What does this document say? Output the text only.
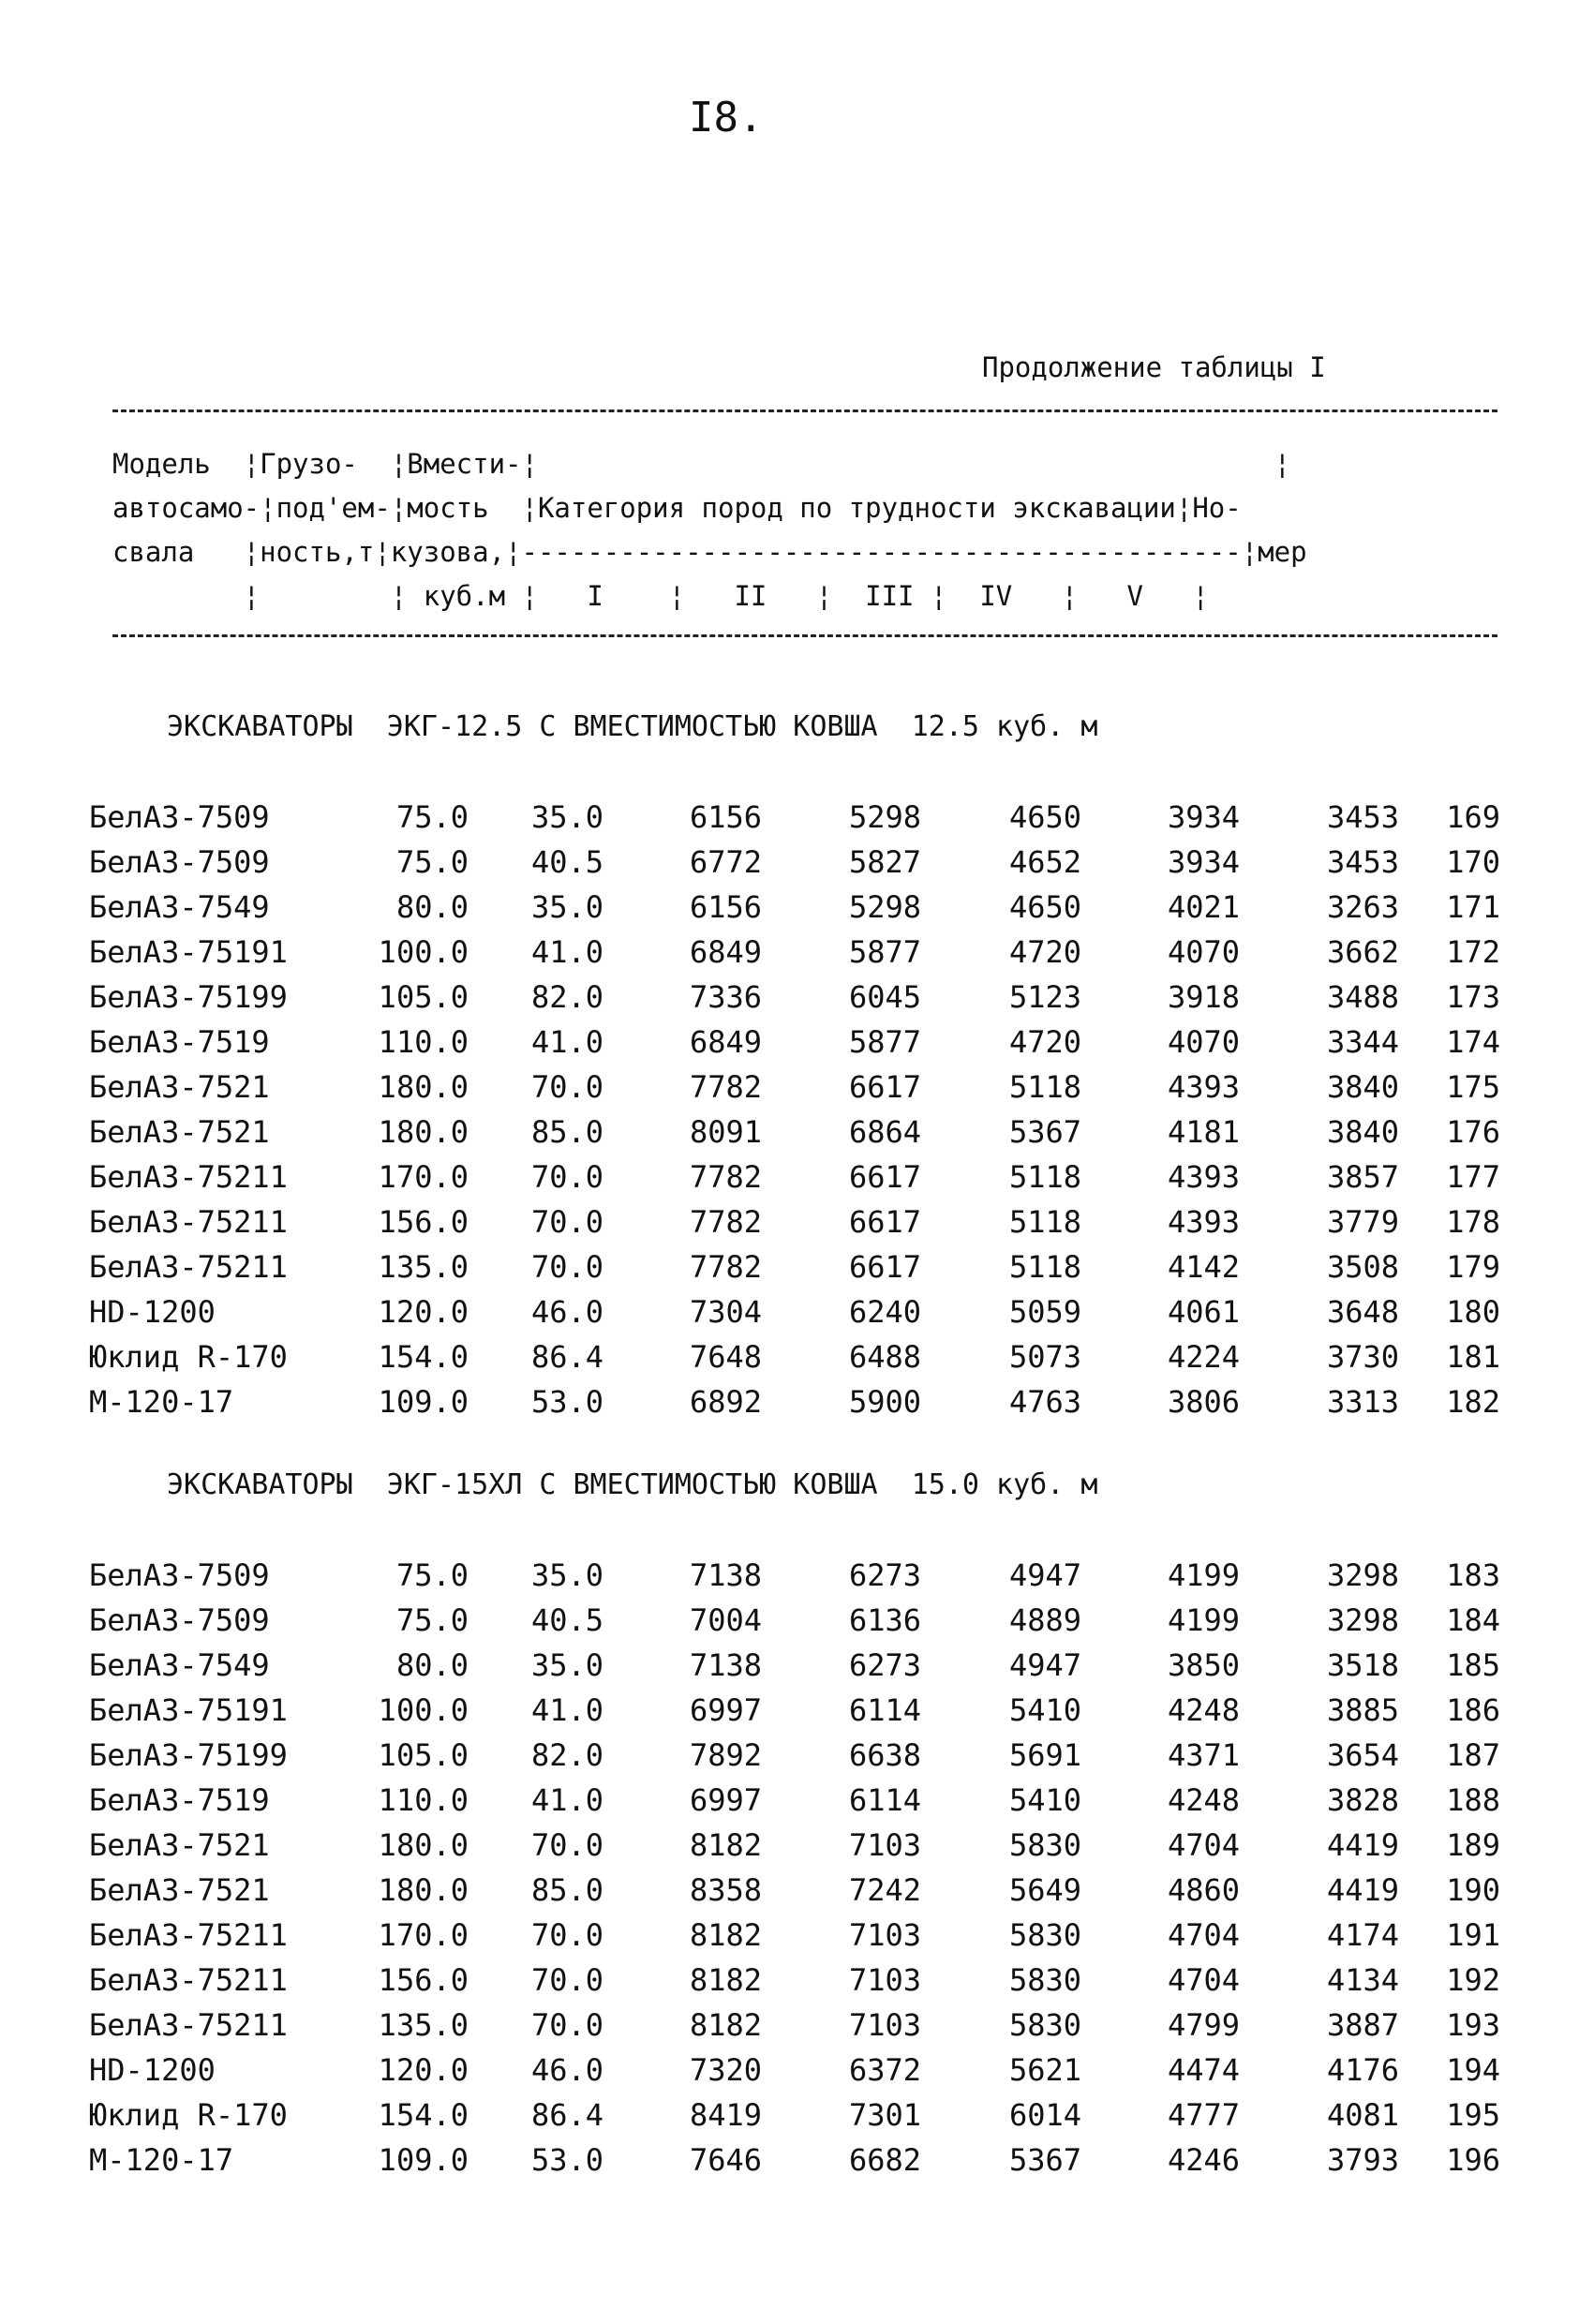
I8.
Продолжение таблицы I
Модель  ¦Грузо-  ¦Вмести-¦                                             ¦
автосамо-¦под'ем-¦мость  ¦Категория пород по трудности экскавации¦Но-
свала   ¦ность,т¦кузова,¦--------------------------------------------¦мер
¦        ¦ куб.м ¦   I    ¦   II   ¦  III ¦  IV   ¦   V   ¦
ЭКСКАВАТОРЫ  ЭКГ-12.5 С ВМЕСТИМОСТЬЮ КОВША  12.5 куб. м
БелАЗ-7509	75.0 35.0	6156	5298	4650	3934	3453 169
БелАЗ-7509	75.0 40.5	6772	5827	4652	3934	3453 170
БелАЗ-7549	80.0 35.0	6156	5298	4650	4021	3263 171
БелАЗ-75191	100.0 41.0	6849	5877	4720	4070	3662 172
БелАЗ-75199	105.0 82.0	7336	6045	5123	3918	3488 173
БелАЗ-7519	110.0 41.0	6849	5877	4720	4070	3344 174
БелАЗ-7521	180.0 70.0	7782	6617	5118	4393	3840 175
БелАЗ-7521	180.0 85.0	8091	6864	5367	4181	3840 176
БелАЗ-75211	170.0 70.0	7782	6617	5118	4393	3857 177
БелАЗ-75211	156.0 70.0	7782	6617	5118	4393	3779 178
БелАЗ-75211	135.0 70.0	7782	6617	5118	4142	3508 179
HD-1200	120.0 46.0	7304	6240	5059	4061	3648 180
Юклид R-170	154.0 86.4	7648	6488	5073	4224	3730 181
М-120-17	109.0 53.0	6892	5900	4763	3806	3313 182
ЭКСКАВАТОРЫ  ЭКГ-15ХЛ С ВМЕСТИМОСТЬЮ КОВША  15.0 куб. м
БелАЗ-7509	75.0 35.0	7138	6273	4947	4199	3298 183
БелАЗ-7509	75.0 40.5	7004	6136	4889	4199	3298 184
БелАЗ-7549	80.0 35.0	7138	6273	4947	3850	3518 185
БелАЗ-75191	100.0 41.0	6997	6114	5410	4248	3885 186
БелАЗ-75199	105.0 82.0	7892	6638	5691	4371	3654 187
БелАЗ-7519	110.0 41.0	6997	6114	5410	4248	3828 188
БелАЗ-7521	180.0 70.0	8182	7103	5830	4704	4419 189
БелАЗ-7521	180.0 85.0	8358	7242	5649	4860	4419 190
БелАЗ-75211	170.0 70.0	8182	7103	5830	4704	4174 191
БелАЗ-75211	156.0 70.0	8182	7103	5830	4704	4134 192
БелАЗ-75211	135.0 70.0	8182	7103	5830	4799	3887 193
HD-1200	120.0 46.0	7320	6372	5621	4474	4176 194
Юклид R-170	154.0 86.4	8419	7301	6014	4777	4081 195
М-120-17	109.0 53.0	7646	6682	5367	4246	3793 196
